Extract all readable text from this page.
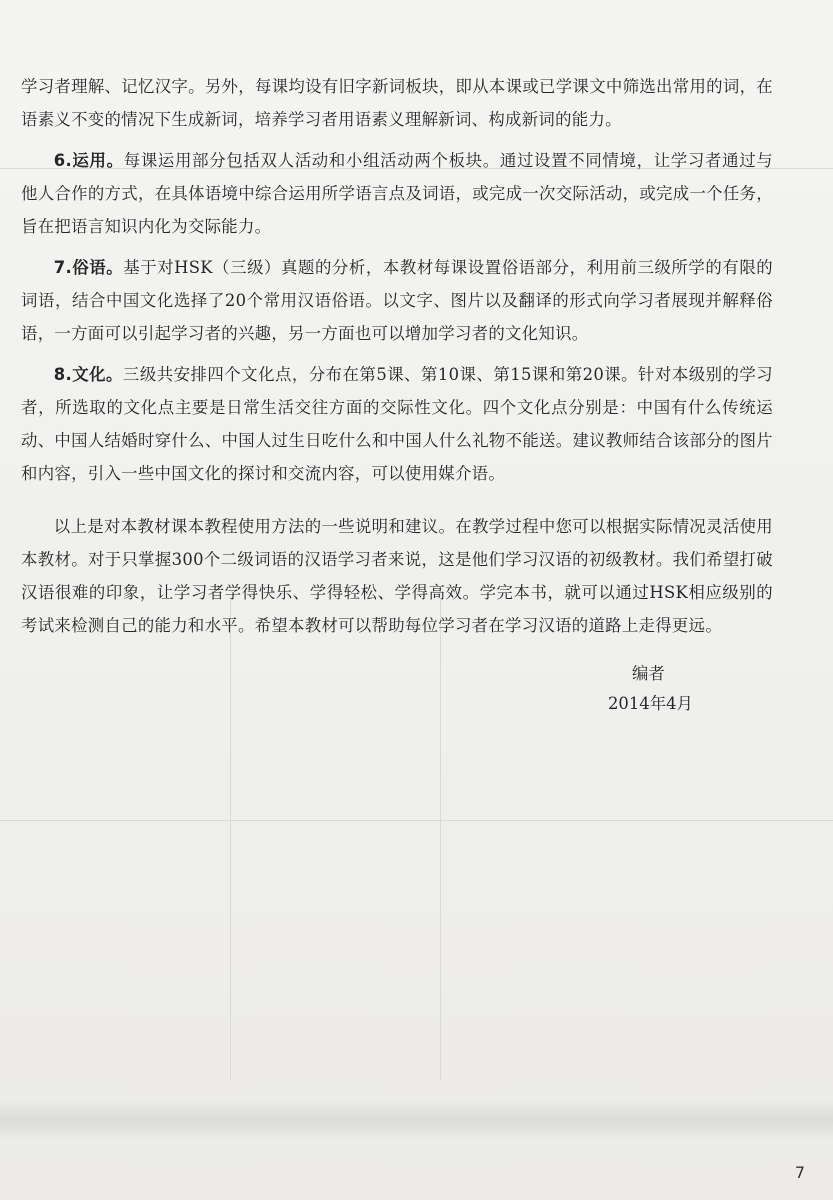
学习者理解、记忆汉字。另外，每课均设有旧字新词板块，即从本课或已学课文中筛选出常用的词，在语素义不变的情况下生成新词，培养学习者用语素义理解新词、构成新词的能力。

6.运用。每课运用部分包括双人活动和小组活动两个板块。通过设置不同情境，让学习者通过与他人合作的方式，在具体语境中综合运用所学语言点及词语，或完成一次交际活动，或完成一个任务，旨在把语言知识内化为交际能力。

7.俗语。基于对HSK（三级）真题的分析，本教材每课设置俗语部分，利用前三级所学的有限的词语，结合中国文化选择了20个常用汉语俗语。以文字、图片以及翻译的形式向学习者展现并解释俗语，一方面可以引起学习者的兴趣，另一方面也可以增加学习者的文化知识。

8.文化。三级共安排四个文化点，分布在第5课、第10课、第15课和第20课。针对本级别的学习者，所选取的文化点主要是日常生活交往方面的交际性文化。四个文化点分别是：中国有什么传统运动、中国人结婚时穿什么、中国人过生日吃什么和中国人什么礼物不能送。建议教师结合该部分的图片和内容，引入一些中国文化的探讨和交流内容，可以使用媒介语。

以上是对本教材课本教程使用方法的一些说明和建议。在教学过程中您可以根据实际情况灵活使用本教材。对于只掌握300个二级词语的汉语学习者来说，这是他们学习汉语的初级教材。我们希望打破汉语很难的印象，让学习者学得快乐、学得轻松、学得高效。学完本书，就可以通过HSK相应级别的考试来检测自己的能力和水平。希望本教材可以帮助每位学习者在学习汉语的道路上走得更远。

编者
2014年4月
7
